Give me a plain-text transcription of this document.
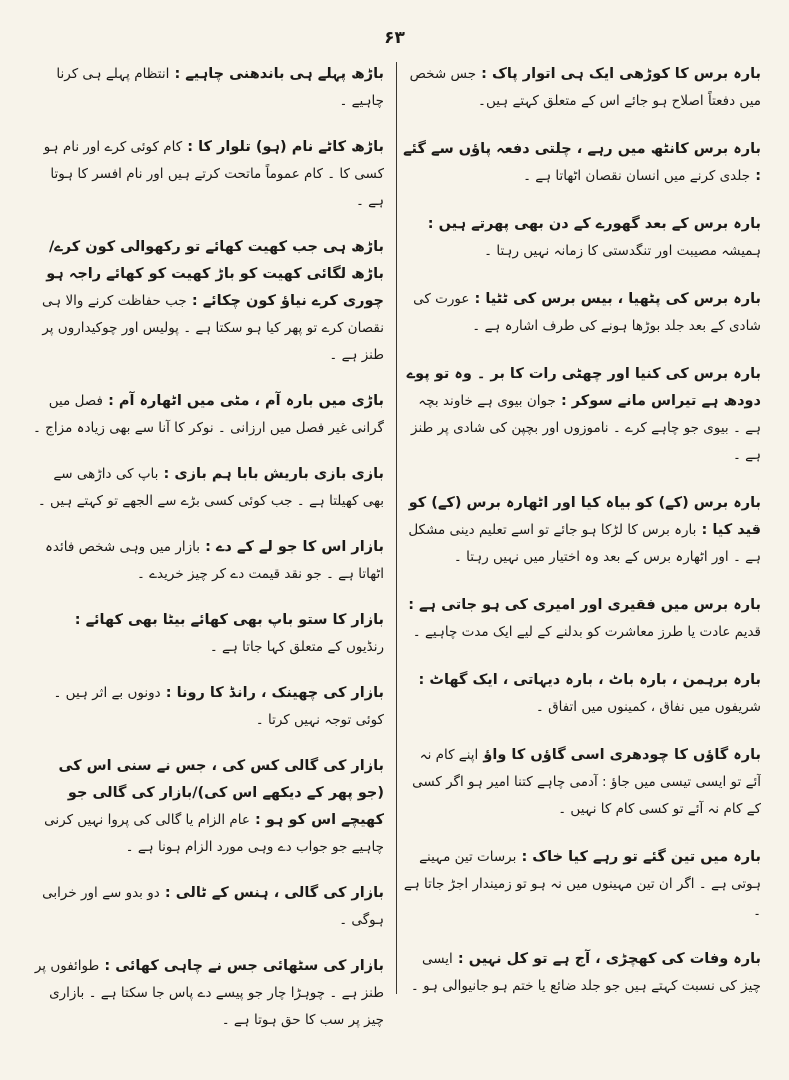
۶۳
بارہ برس کا کوڑھی ایک ہی اتوار پاک : جس شخص میں دفعتاً اصلاح ہو جائے اس کے متعلق کہتے ہیں۔
بارہ برس کانٹھ میں رہے ، چلتی دفعہ پاؤں سے گئے : جلدی کرنے میں انسان نقصان اٹھاتا ہے ۔
بارہ برس کے بعد گھورے کے دن بھی پھرتے ہیں : ہمیشہ مصیبت اور تنگدستی کا زمانہ نہیں رہتا ۔
بارہ برس کی پٹھیا ، بیس برس کی ٹٹیا : عورت کی شادی کے بعد جلد بوڑھا ہونے کی طرف اشارہ ہے ۔
بارہ برس کی کنیا اور چھٹی رات کا بر ۔ وہ تو پوے دودھ ہے تیراس مانے سوکر : جوان بیوی ہے خاوند بچہ ہے ۔ بیوی جو چاہے کرے ۔ ناموزوں اور بچپن کی شادی پر طنز ہے ۔
بارہ برس (کے) کو بیاہ کیا اور اٹھارہ برس (کے) کو قید کیا : بارہ برس کا لڑکا ہو جائے تو اسے تعلیم دینی مشکل ہے ۔ اور اٹھارہ برس کے بعد وہ اختیار میں نہیں رہتا ۔
بارہ برس میں فقیری اور امیری کی ہو جاتی ہے : قدیم عادت یا طرز معاشرت کو بدلنے کے لیے ایک مدت چاہیے ۔
بارہ برہمن ، بارہ باٹ ، بارہ دیہاتی ، ایک گھاٹ : شریفوں میں نفاق ، کمینوں میں اتفاق ۔
بارہ گاؤں کا چودھری اسی گاؤں کا واؤ اپنے کام نہ آئے تو ایسی تیسی میں جاؤ : آدمی چاہے کتنا امیر ہو اگر کسی کے کام نہ آئے تو کسی کام کا نہیں ۔
بارہ میں تین گئے تو رہے کیا خاک : برسات تین مہینے ہوتی ہے ۔ اگر ان تین مہینوں میں نہ ہو تو زمیندار اجڑ جاتا ہے ۔
بارہ وفات کی کھچڑی ، آج ہے تو کل نہیں : ایسی چیز کی نسبت کہتے ہیں جو جلد ضائع یا ختم ہو جانیوالی ہو ۔
باڑھ پہلے ہی باندھنی چاہیے : انتظام پہلے ہی کرنا چاہیے ۔
باڑھ کاٹے نام (ہو) تلوار کا : کام کوئی کرے اور نام ہو کسی کا ۔ کام عموماً ماتحت کرتے ہیں اور نام افسر کا ہوتا ہے ۔
باڑھ ہی جب کھیت کھائے تو رکھوالی کون کرے/ باڑھ لگائی کھیت کو باڑ کھیت کو کھائے راجہ ہو چوری کرے نیاؤ کون چکائے : جب حفاظت کرنے والا ہی نقصان کرے تو پھر کیا ہو سکتا ہے ۔ پولیس اور چوکیداروں پر طنز ہے ۔
باڑی میں بارہ آم ، مٹی میں اٹھارہ آم : فصل میں گرانی غیر فصل میں ارزانی ۔ نوکر کا آنا سے بھی زیادہ مزاج ۔
بازی بازی باریش بابا ہم بازی : باپ کی داڑھی سے بھی کھیلتا ہے ۔ جب کوئی کسی بڑے سے الجھے تو کہتے ہیں ۔
بازار اس کا جو لے کے دے : بازار میں وہی شخص فائدہ اٹھاتا ہے ۔ جو نقد قیمت دے کر چیز خریدے ۔
بازار کا ستو باپ بھی کھائے بیٹا بھی کھائے : رنڈیوں کے متعلق کہا جاتا ہے ۔
بازار کی چھینک ، رانڈ کا رونا : دونوں بے اثر ہیں ۔ کوئی توجہ نہیں کرتا ۔
بازار کی گالی کس کی ، جس نے سنی اس کی (جو پھر کے دیکھے اس کی)/بازار کی گالی جو کھیچے اس کو ہو : عام الزام یا گالی کی پروا نہیں کرنی چاہیے جو جواب دے وہی مورد الزام ہونا ہے ۔
بازار کی گالی ، ہنس کے ٹالی : دو بدو سے اور خرابی ہوگی ۔
بازار کی سٹھائی جس نے چاہی کھائی : طوائفوں پر طنز ہے ۔ چوہڑا چار جو پیسے دے پاس جا سکتا ہے ۔ بازاری چیز پر سب کا حق ہوتا ہے ۔
